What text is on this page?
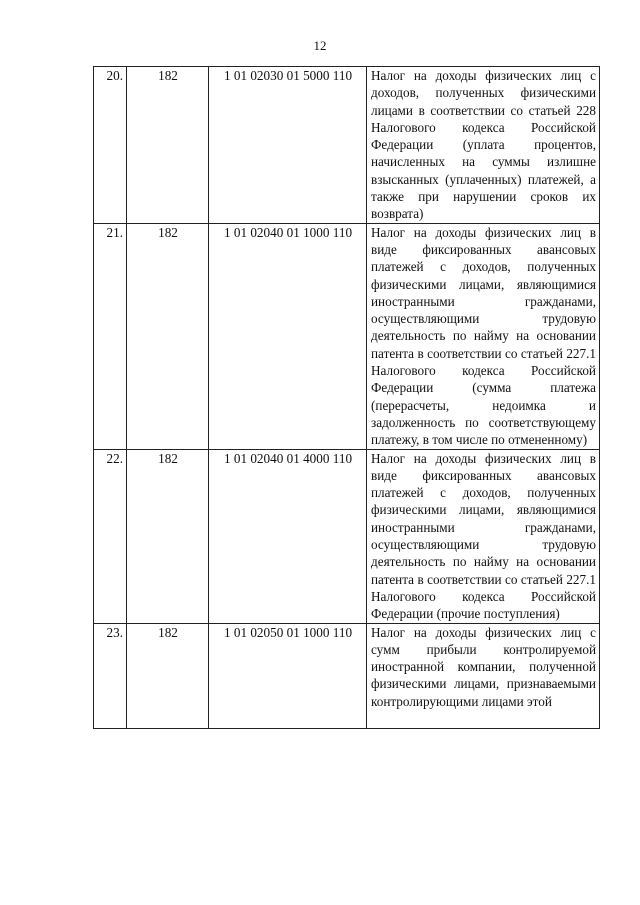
12
20.	182	1 01 02030 01 5000 110	Налог на доходы физических лиц с доходов, полученных физическими лицами в соответствии со статьей 228 Налогового кодекса Российской Федерации (уплата процентов, начисленных на суммы излишне взысканных (уплаченных) платежей, а также при нарушении сроков их возврата)

21.	182	1 01 02040 01 1000 110	Налог на доходы физических лиц в виде фиксированных авансовых платежей с доходов, полученных физическими лицами, являющимися иностранными гражданами, осуществляющими трудовую деятельность по найму на основании патента в соответствии со статьей 227.1 Налогового кодекса Российской Федерации (сумма платежа (перерасчеты, недоимка и задолженность по соответствующему платежу, в том числе по отмененному)

22.	182	1 01 02040 01 4000 110	Налог на доходы физических лиц в виде фиксированных авансовых платежей с доходов, полученных физическими лицами, являющимися иностранными гражданами, осуществляющими трудовую деятельность по найму на основании патента в соответствии со статьей 227.1 Налогового кодекса Российской Федерации (прочие поступления)

23.	182	1 01 02050 01 1000 110	Налог на доходы физических лиц с сумм прибыли контролируемой иностранной компании, полученной физическими лицами, признаваемыми контролирующими лицами этой
